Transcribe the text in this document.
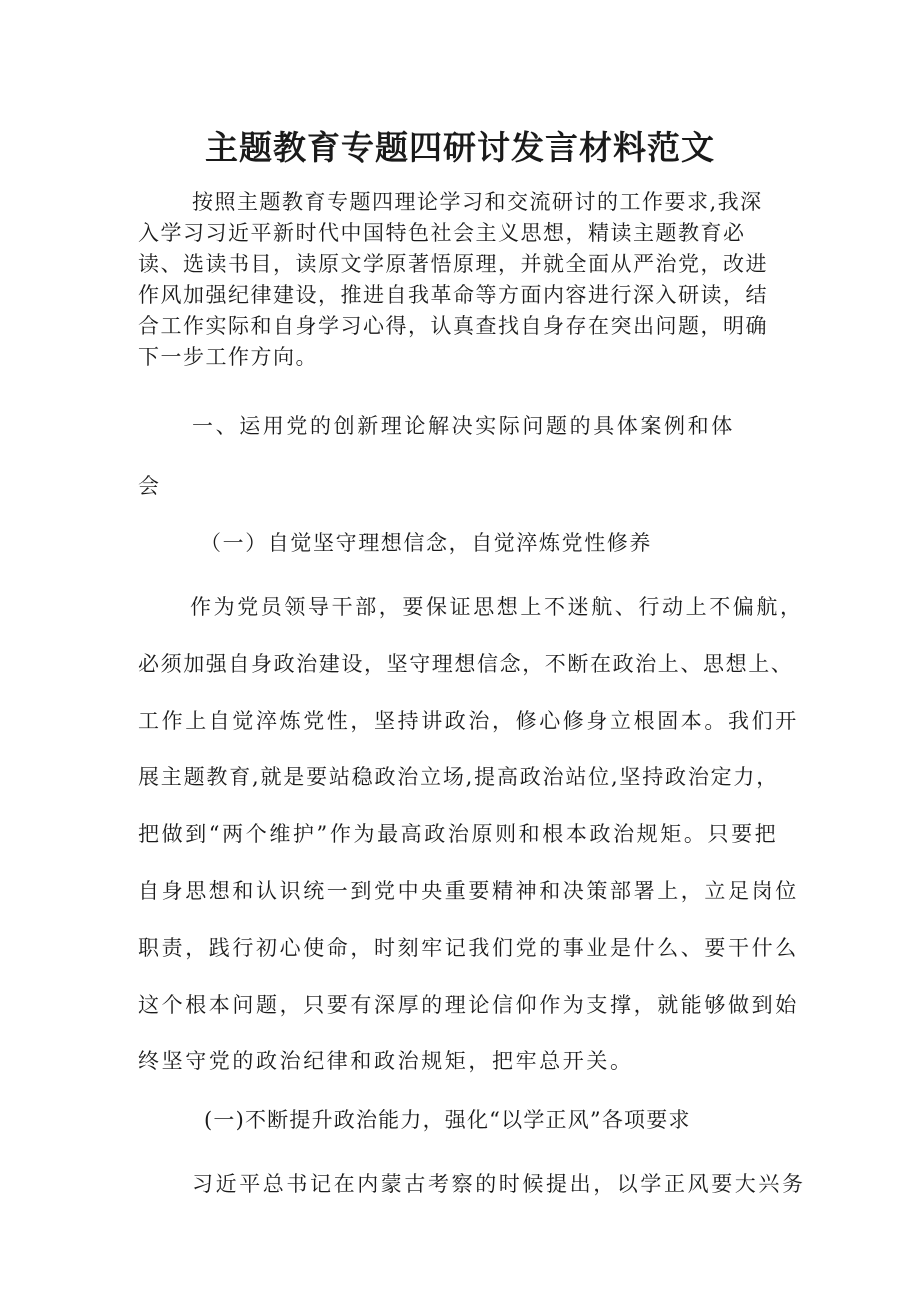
主题教育专题四研讨发言材料范文

按照主题教育专题四理论学习和交流研讨的工作要求,我深

入学习习近平新时代中国特色社会主义思想，精读主题教育必

读、选读书目，读原文学原著悟原理，并就全面从严治党，改进

作风加强纪律建设，推进自我革命等方面内容进行深入研读，结

合工作实际和自身学习心得，认真查找自身存在突出问题，明确

下一步工作方向。

一、运用党的创新理论解决实际问题的具体案例和体

会

（一）自觉坚守理想信念，自觉淬炼党性修养

作为党员领导干部，要保证思想上不迷航、行动上不偏航，

必须加强自身政治建设，坚守理想信念，不断在政治上、思想上、

工作上自觉淬炼党性，坚持讲政治，修心修身立根固本。我们开

展主题教育,就是要站稳政治立场,提高政治站位,坚持政治定力，

把做到“两个维护”作为最高政治原则和根本政治规矩。只要把

自身思想和认识统一到党中央重要精神和决策部署上，立足岗位

职责，践行初心使命，时刻牢记我们党的事业是什么、要干什么

这个根本问题，只要有深厚的理论信仰作为支撑，就能够做到始

终坚守党的政治纪律和政治规矩，把牢总开关。

(一)不断提升政治能力，强化“以学正风”各项要求

习近平总书记在内蒙古考察的时候提出，以学正风要大兴务
